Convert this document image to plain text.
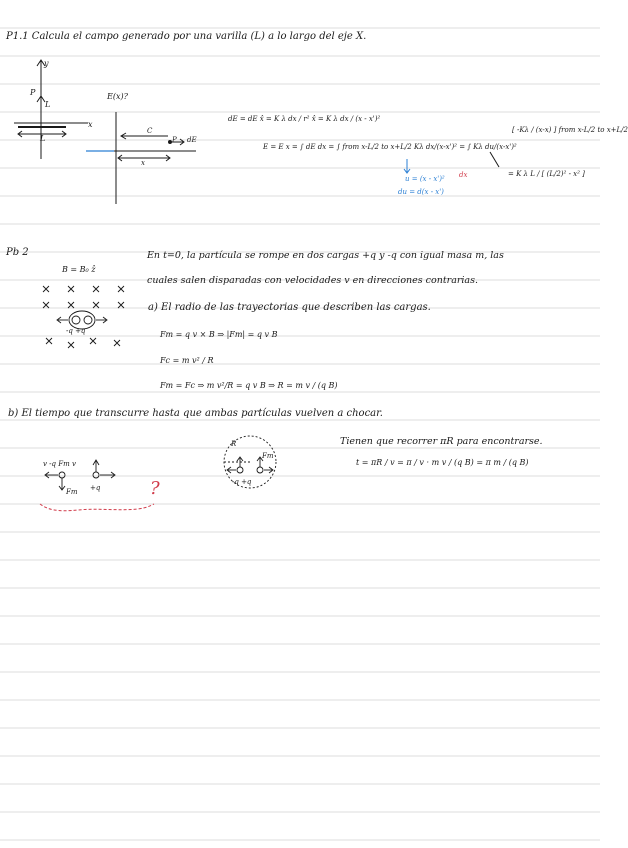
P1.1 Calcula el campo generado por una varilla (L) a lo largo del eje X.
y
x
P
L
L
E(x)?
C
P dE
x
dE = dE x̂ = K λ dx / r² x̂ = K λ dx / (x - x')²
E = E x = ∫ dE dx = ∫ from x-L/2 to x+L/2 Kλ dx/(x-x')² = ∫ Kλ du/(x-x')²
[ -Kλ / (x-x) ] from x-L/2 to x+L/2
= K λ L / [ (L/2)² - x² ]
u = (x - x')²
du = d(x - x')
dx
Pb 2
B = B₀ ẑ
-q +q
En t=0, la partícula se rompe en dos cargas +q y -q con igual masa m, las
cuales salen disparadas con velocidades v en direcciones contrarias.
a) El radio de las trayectorias que describen las cargas.
Fm = q v × B ⇒ |Fm| = q v B
Fc = m v² / R
Fm = Fc ⇒ m v²/R = q v B ⇒ R = m v / (q B)
b) El tiempo que transcurre hasta que ambas partículas vuelven a chocar.
v -q Fm v
Fm +q	?
R
Fm
-q +q
Tienen que recorrer πR para encontrarse.
t = πR / v = π / v · m v / (q B) = π m / (q B)
